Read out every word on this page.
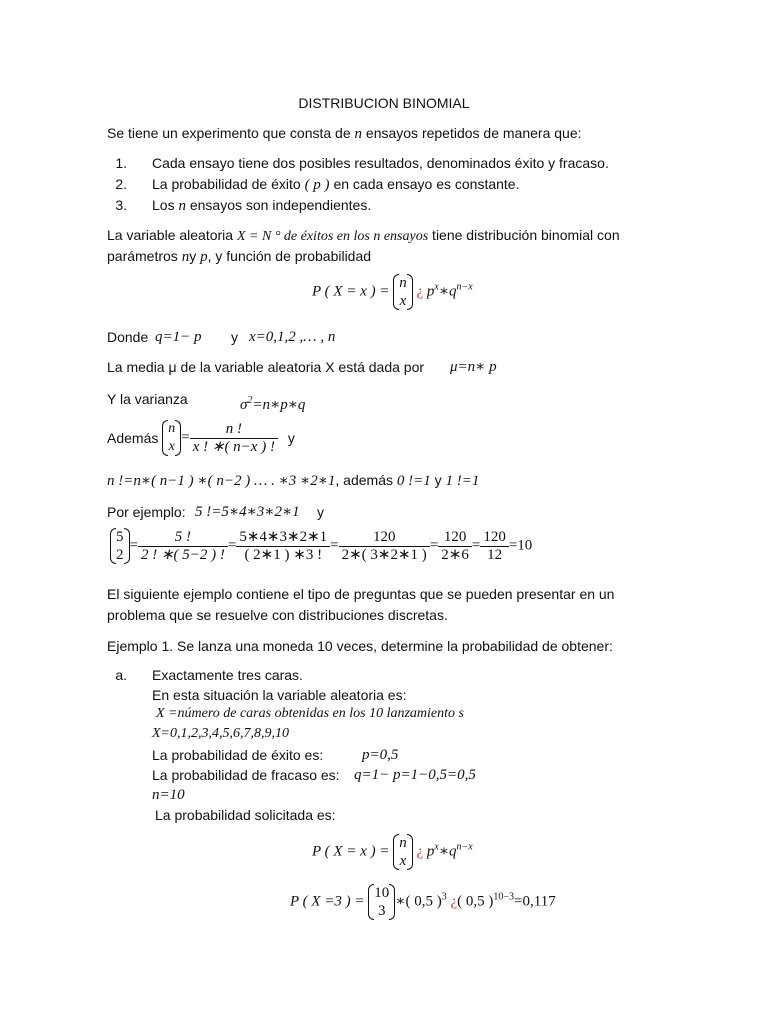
DISTRIBUCION BINOMIAL
Se tiene un experimento que consta de n ensayos repetidos de manera que:
1. Cada ensayo tiene dos posibles resultados, denominados éxito y fracaso.
2. La probabilidad de éxito ( p ) en cada ensayo es constante.
3. Los n ensayos son independientes.
La variable aleatoria X = N ° de éxitos en los n ensayos tiene distribución binomial con
parámetros ny p, y función de probabilidad
P ( X = x ) =
n
x
¿ $p^x∗q^{n-x}$
Donde q=1− p y x=0,1,2 ,… , n
La media μ de la variable aleatoria X está dada por μ=n∗ p
Y la varianza	$\sigma^2=n∗p∗q$
Además
n
x
= $\frac{n !}{x ! ∗( n-x ) !}$ y
n !=n∗( n−1 ) ∗( n−2 ) … . ∗3 ∗2∗1, además 0 !=1 y 1 !=1
Por ejemplo: 5 !=5∗4∗3∗2∗1 y
5
2
= $\frac{5 !}{2 ! ∗( 5-2 ) !} = \frac{5∗4∗3∗2∗1}{( 2∗1 ) ∗3 !} = \frac{120}{2∗( 3∗2∗1 )} = \frac{120}{2∗6} = \frac{120}{12} =10$
El siguiente ejemplo contiene el tipo de preguntas que se pueden presentar en un
problema que se resuelve con distribuciones discretas.
Ejemplo 1. Se lanza una moneda 10 veces, determine la probabilidad de obtener:
a. Exactamente tres caras.
En esta situación la variable aleatoria es:
X =número de caras obtenidas en los 10 lanzamiento s
X=0,1,2,3,4,5,6,7,8,9,10
La probabilidad de éxito es:	p=0,5
La probabilidad de fracaso es: q=1− p=1−0,5=0,5
n=10
La probabilidad solicitada es:
P ( X = x ) =
n
x
¿ $p^x∗q^{n-x}$
P ( X =3 ) =
10
3
∗( 0,5 )$^3$ ¿( 0,5 )$^{10-3}$=0,117
